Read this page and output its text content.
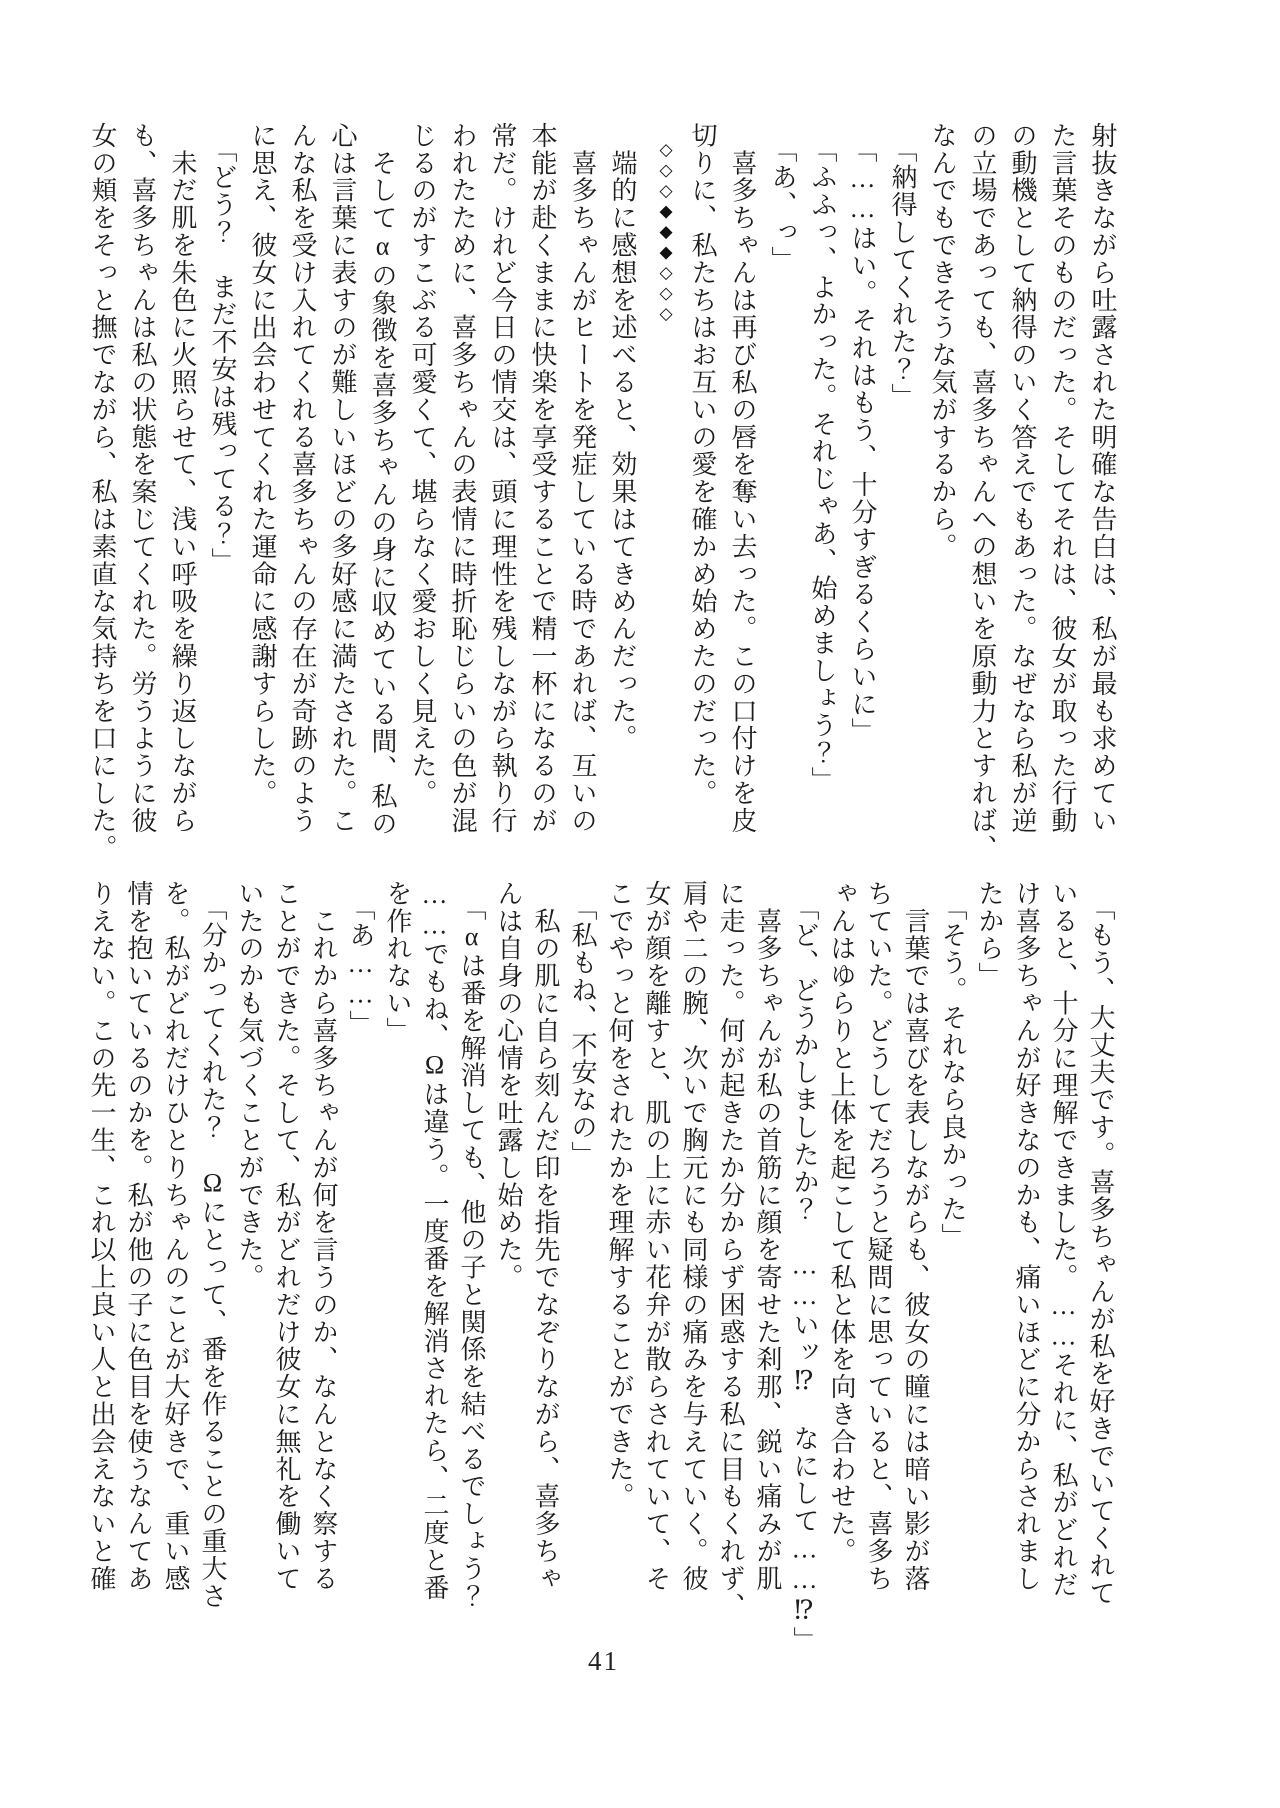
射抜きながら吐露された明確な告白は、私が最も求めてい
た言葉そのものだった。そしてそれは、彼女が取った行動
の動機として納得のいく答えでもあった。なぜなら私が逆
の立場であっても、喜多ちゃんへの想いを原動力とすれば、
なんでもできそうな気がするから。
　「納得してくれた？」
　「……はい。それはもう、十分すぎるくらいに」
　「ふふっ、よかった。それじゃあ、始めましょう？」
　「あ、っ」
　喜多ちゃんは再び私の唇を奪い去った。この口付けを皮
切りに、私たちはお互いの愛を確かめ始めたのだった。
◇◇◇◆◆◆◇◇◇
　端的に感想を述べると、効果はてきめんだった。
　喜多ちゃんがヒートを発症している時であれば、互いの
本能が赴くままに快楽を享受することで精一杯になるのが
常だ。けれど今日の情交は、頭に理性を残しながら執り行
われたために、喜多ちゃんの表情に時折恥じらいの色が混
じるのがすこぶる可愛くて、堪らなく愛おしく見えた。
　そしてαの象徴を喜多ちゃんの身に収めている間、私の
心は言葉に表すのが難しいほどの多好感に満たされた。こ
んな私を受け入れてくれる喜多ちゃんの存在が奇跡のよう
に思え、彼女に出会わせてくれた運命に感謝すらした。
　「どう？　まだ不安は残ってる？」
　未だ肌を朱色に火照らせて、浅い呼吸を繰り返しながら
も、喜多ちゃんは私の状態を案じてくれた。労うように彼
女の頬をそっと撫でながら、私は素直な気持ちを口にした。
　「もう、大丈夫です。喜多ちゃんが私を好きでいてくれて
いると、十分に理解できました。……それに、私がどれだ
け喜多ちゃんが好きなのかも、痛いほどに分からされまし
たから」
　「そう。それなら良かった」
　言葉では喜びを表しながらも、彼女の瞳には暗い影が落
ちていた。どうしてだろうと疑問に思っていると、喜多ち
ゃんはゆらりと上体を起こして私と体を向き合わせた。
　「ど、どうかしましたか？　……いッ⁉　なにして……⁉」
　喜多ちゃんが私の首筋に顔を寄せた刹那、鋭い痛みが肌
に走った。何が起きたか分からず困惑する私に目もくれず、
肩や二の腕、次いで胸元にも同様の痛みを与えていく。彼
女が顔を離すと、肌の上に赤い花弁が散らされていて、そ
こでやっと何をされたかを理解することができた。
　「私もね、不安なの」
　私の肌に自ら刻んだ印を指先でなぞりながら、喜多ちゃ
んは自身の心情を吐露し始めた。
　「αは番を解消しても、他の子と関係を結べるでしょう？
……でもね、Ωは違う。一度番を解消されたら、二度と番
を作れない」
　「あ……」
　これから喜多ちゃんが何を言うのか、なんとなく察する
ことができた。そして、私がどれだけ彼女に無礼を働いて
いたのかも気づくことができた。
　「分かってくれた？　Ωにとって、番を作ることの重大さ
を。私がどれだけひとりちゃんのことが大好きで、重い感
情を抱いているのかを。私が他の子に色目を使うなんてあ
りえない。この先一生、これ以上良い人と出会えないと確
41
